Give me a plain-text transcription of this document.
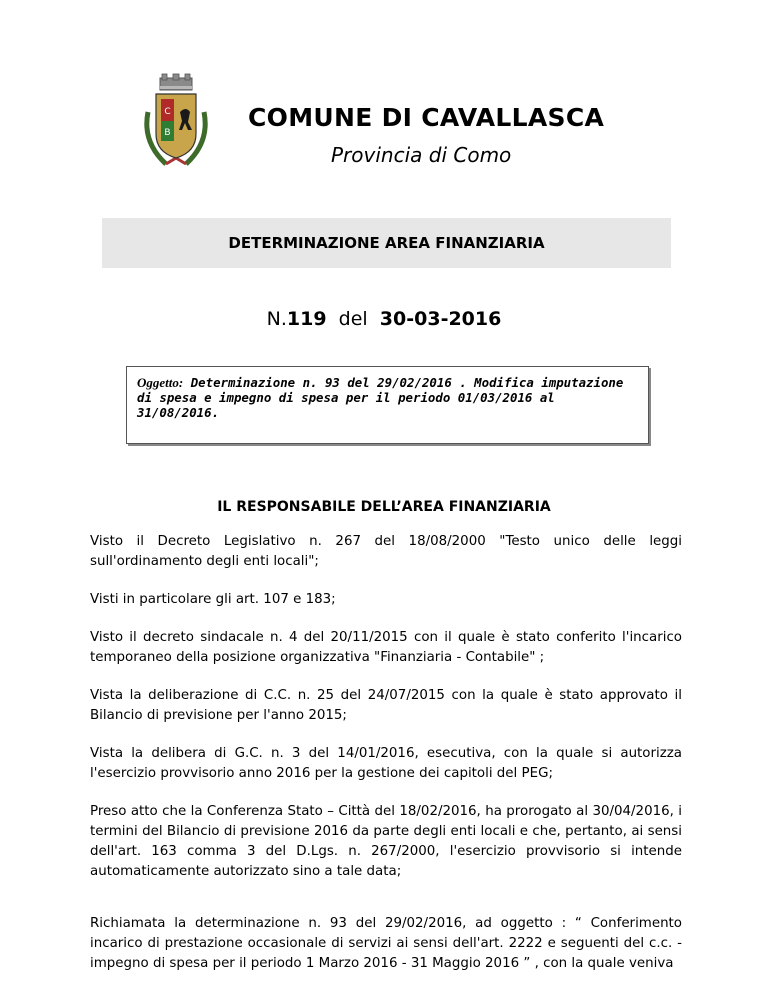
C
B
COMUNE DI CAVALLASCA
Provincia di Como
DETERMINAZIONE AREA FINANZIARIA
N.119 del 30-03-2016
Oggetto: Determinazione n. 93 del 29/02/2016 . Modifica imputazione di spesa e impegno di spesa per il periodo 01/03/2016 al 31/08/2016.
IL RESPONSABILE DELL’AREA FINANZIARIA

Visto il Decreto Legislativo n. 267 del 18/08/2000 "Testo unico delle leggi sull'ordinamento degli enti locali";

Visti in particolare gli art. 107 e 183;

Visto il decreto sindacale n. 4 del 20/11/2015 con il quale è stato conferito l'incarico temporaneo della posizione organizzativa "Finanziaria - Contabile" ;

Vista la deliberazione di C.C. n. 25 del 24/07/2015 con la quale è stato approvato il Bilancio di previsione per l'anno 2015;

Vista la delibera di G.C. n. 3 del 14/01/2016, esecutiva, con la quale si autorizza l'esercizio provvisorio anno 2016 per la gestione dei capitoli del PEG;

Preso atto che la Conferenza Stato – Città del 18/02/2016, ha prorogato al 30/04/2016, i termini del Bilancio di previsione 2016 da parte degli enti locali e che, pertanto, ai sensi dell'art. 163 comma 3 del D.Lgs. n. 267/2000, l'esercizio provvisorio si intende automaticamente autorizzato sino a tale data;

Richiamata la determinazione n. 93 del 29/02/2016, ad oggetto : “ Conferimento incarico di prestazione occasionale di servizi ai sensi dell'art. 2222 e seguenti del c.c. - impegno di spesa per il periodo 1 Marzo 2016 - 31 Maggio 2016 ” , con la quale veniva
